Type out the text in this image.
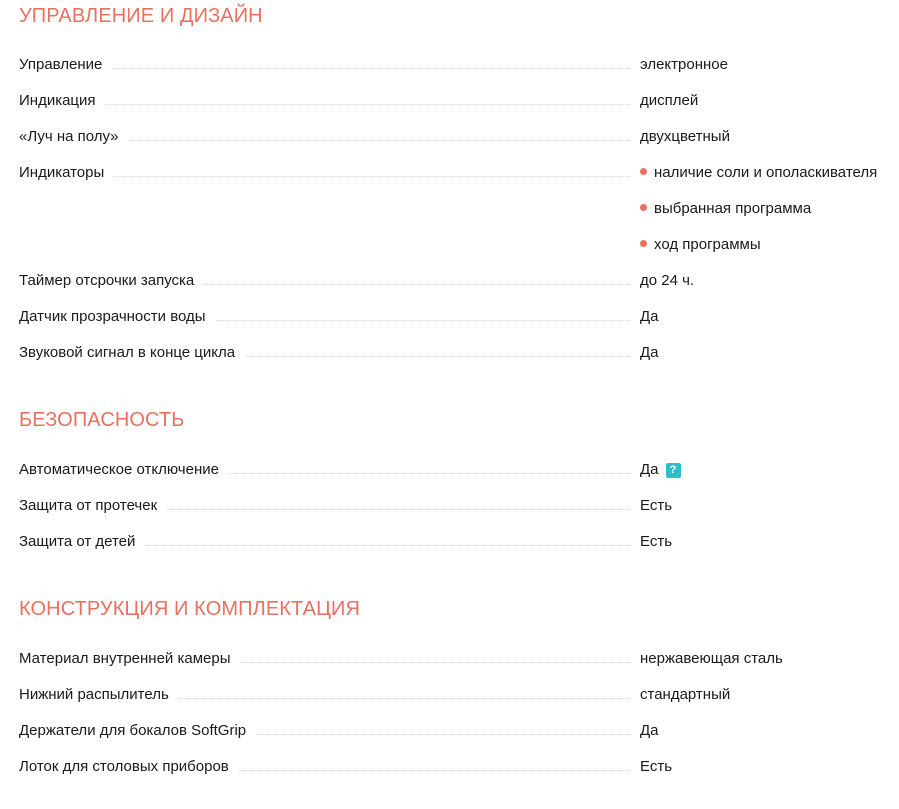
УПРАВЛЕНИЕ И ДИЗАЙН
Управление	электронное
Индикация	дисплей
«Луч на полу»	двухцветный
Индикаторы	наличие соли и ополаскивателя
выбранная программа
ход программы
Таймер отсрочки запуска	до 24 ч.
Датчик прозрачности воды	Да
Звуковой сигнал в конце цикла	Да
БЕЗОПАСНОСТЬ
Автоматическое отключение	Да ?
Защита от протечек	Есть
Защита от детей	Есть
КОНСТРУКЦИЯ И КОМПЛЕКТАЦИЯ
Материал внутренней камеры	нержавеющая сталь
Нижний распылитель	стандартный
Держатели для бокалов SoftGrip	Да
Лоток для столовых приборов	Есть
